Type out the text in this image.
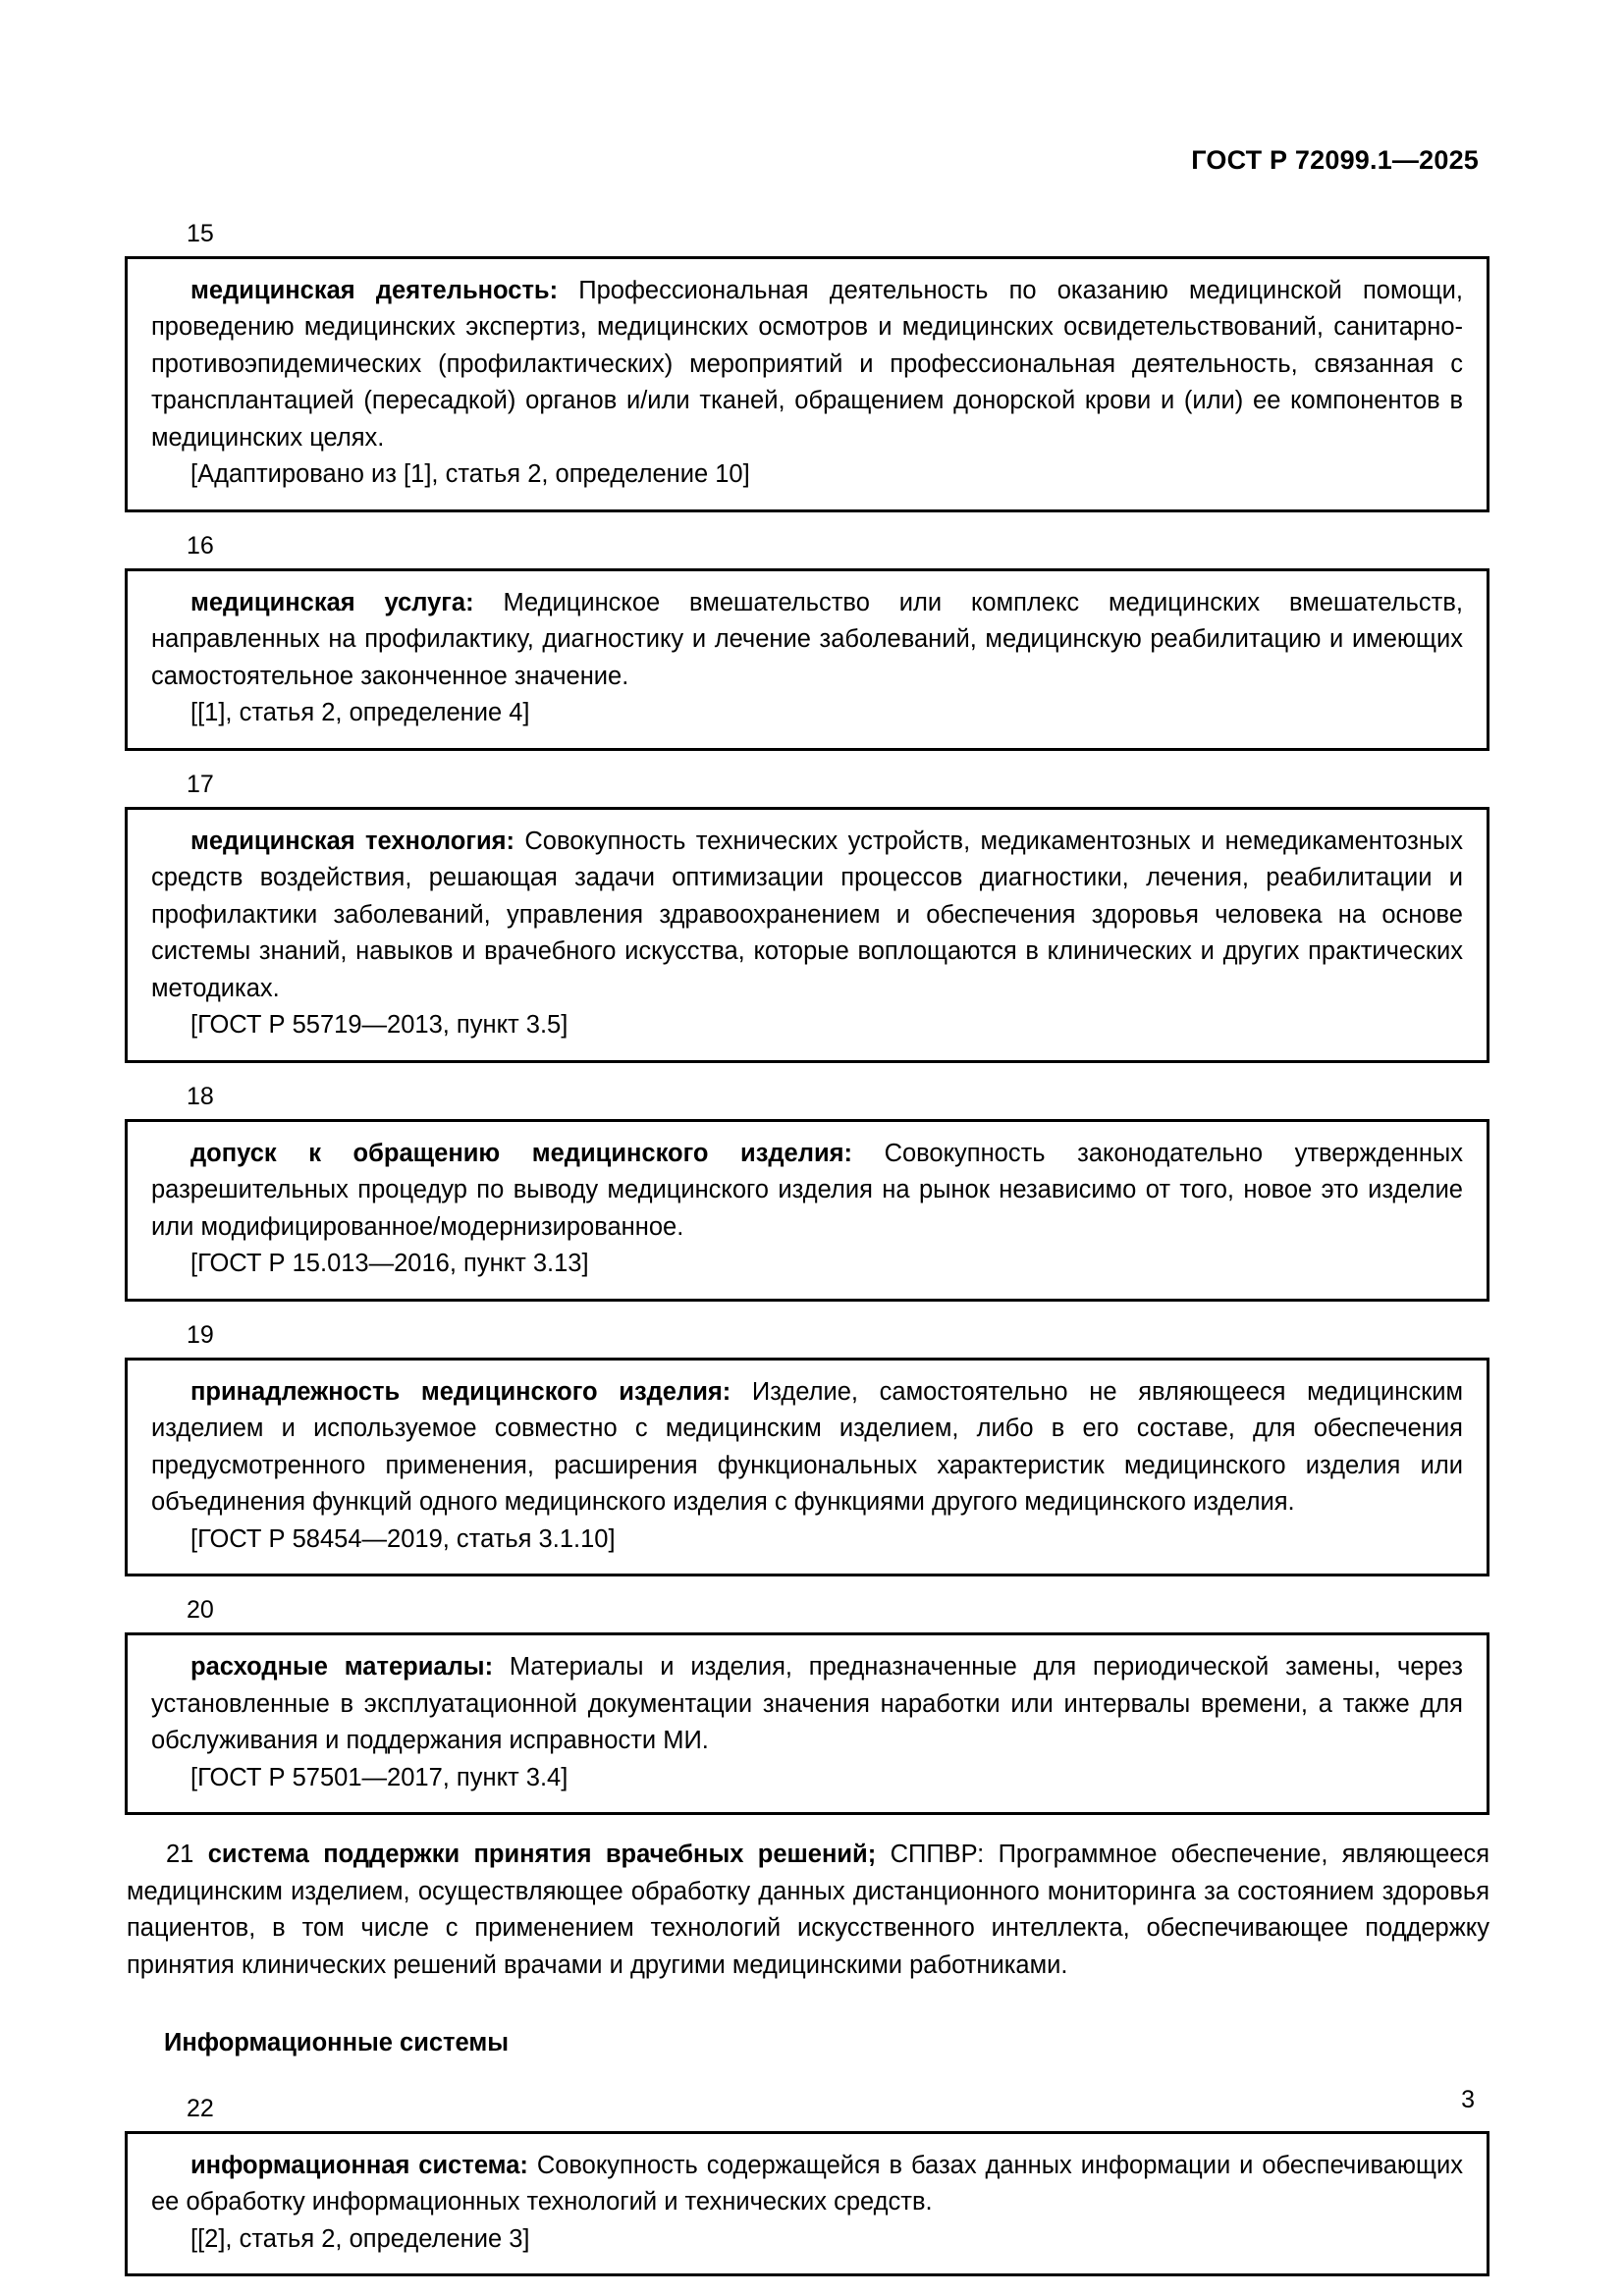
ГОСТ Р 72099.1—2025
15

медицинская деятельность: Профессиональная деятельность по оказанию медицинской помощи, проведению медицинских экспертиз, медицинских осмотров и медицинских освидетельствований, санитарно-противоэпидемических (профилактических) мероприятий и профессиональная деятельность, связанная с трансплантацией (пересадкой) органов и/или тканей, обращением донорской крови и (или) ее компонентов в медицинских целях.

[Адаптировано из [1], статья 2, определение 10]

16

медицинская услуга: Медицинское вмешательство или комплекс медицинских вмешательств, направленных на профилактику, диагностику и лечение заболеваний, медицинскую реабилитацию и имеющих самостоятельное законченное значение.

[[1], статья 2, определение 4]

17

медицинская технология: Совокупность технических устройств, медикаментозных и немедикаментозных средств воздействия, решающая задачи оптимизации процессов диагностики, лечения, реабилитации и профилактики заболеваний, управления здравоохранением и обеспечения здоровья человека на основе системы знаний, навыков и врачебного искусства, которые воплощаются в клинических и других практических методиках.

[ГОСТ Р 55719—2013, пункт 3.5]

18

допуск к обращению медицинского изделия: Совокупность законодательно утвержденных разрешительных процедур по выводу медицинского изделия на рынок независимо от того, новое это изделие или модифицированное/модернизированное.

[ГОСТ Р 15.013—2016, пункт 3.13]

19

принадлежность медицинского изделия: Изделие, самостоятельно не являющееся медицинским изделием и используемое совместно с медицинским изделием, либо в его составе, для обеспечения предусмотренного применения, расширения функциональных характеристик медицинского изделия или объединения функций одного медицинского изделия с функциями другого медицинского изделия.

[ГОСТ Р 58454—2019, статья 3.1.10]

20

расходные материалы: Материалы и изделия, предназначенные для периодической замены, через установленные в эксплуатационной документации значения наработки или интервалы времени, а также для обслуживания и поддержания исправности МИ.

[ГОСТ Р 57501—2017, пункт 3.4]

21 система поддержки принятия врачебных решений; СППВР: Программное обеспечение, являющееся медицинским изделием, осуществляющее обработку данных дистанционного мониторинга за состоянием здоровья пациентов, в том числе с применением технологий искусственного интеллекта, обеспечивающее поддержку принятия клинических решений врачами и другими медицинскими работниками.

Информационные системы
22

информационная система: Совокупность содержащейся в базах данных информации и обеспечивающих ее обработку информационных технологий и технических средств.

[[2], статья 2, определение 3]

3
